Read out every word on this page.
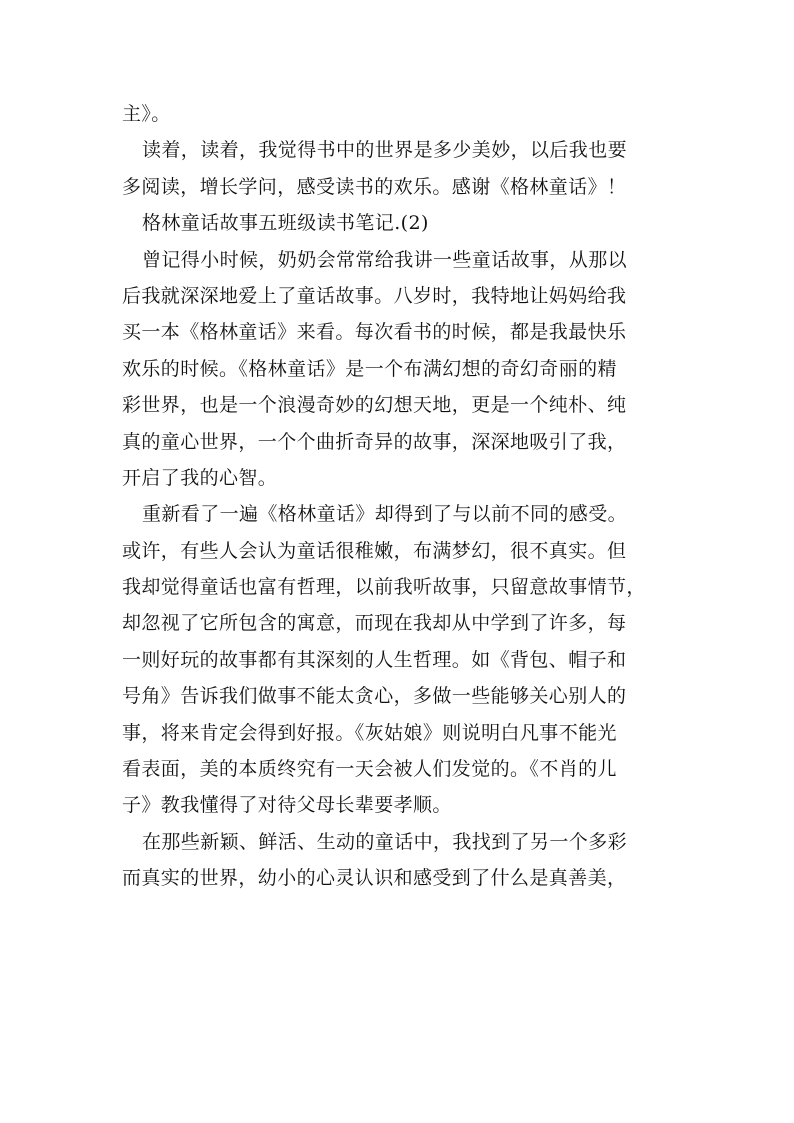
主》。
读着，读着，我觉得书中的世界是多少美妙，以后我也要
多阅读，增长学问，感受读书的欢乐。感谢《格林童话》！
格林童话故事五班级读书笔记.(2)
曾记得小时候，奶奶会常常给我讲一些童话故事，从那以
后我就深深地爱上了童话故事。八岁时，我特地让妈妈给我
买一本《格林童话》来看。每次看书的时候，都是我最快乐
欢乐的时候。《格林童话》是一个布满幻想的奇幻奇丽的精
彩世界，也是一个浪漫奇妙的幻想天地，更是一个纯朴、纯
真的童心世界，一个个曲折奇异的故事，深深地吸引了我，
开启了我的心智。
重新看了一遍《格林童话》却得到了与以前不同的感受。
或许，有些人会认为童话很稚嫩，布满梦幻，很不真实。但
我却觉得童话也富有哲理，以前我听故事，只留意故事情节，
却忽视了它所包含的寓意，而现在我却从中学到了许多，每
一则好玩的故事都有其深刻的人生哲理。如《背包、帽子和
号角》告诉我们做事不能太贪心，多做一些能够关心别人的
事，将来肯定会得到好报。《灰姑娘》则说明白凡事不能光
看表面，美的本质终究有一天会被人们发觉的。《不肖的儿
子》教我懂得了对待父母长辈要孝顺。
在那些新颖、鲜活、生动的童话中，我找到了另一个多彩
而真实的世界，幼小的心灵认识和感受到了什么是真善美，
